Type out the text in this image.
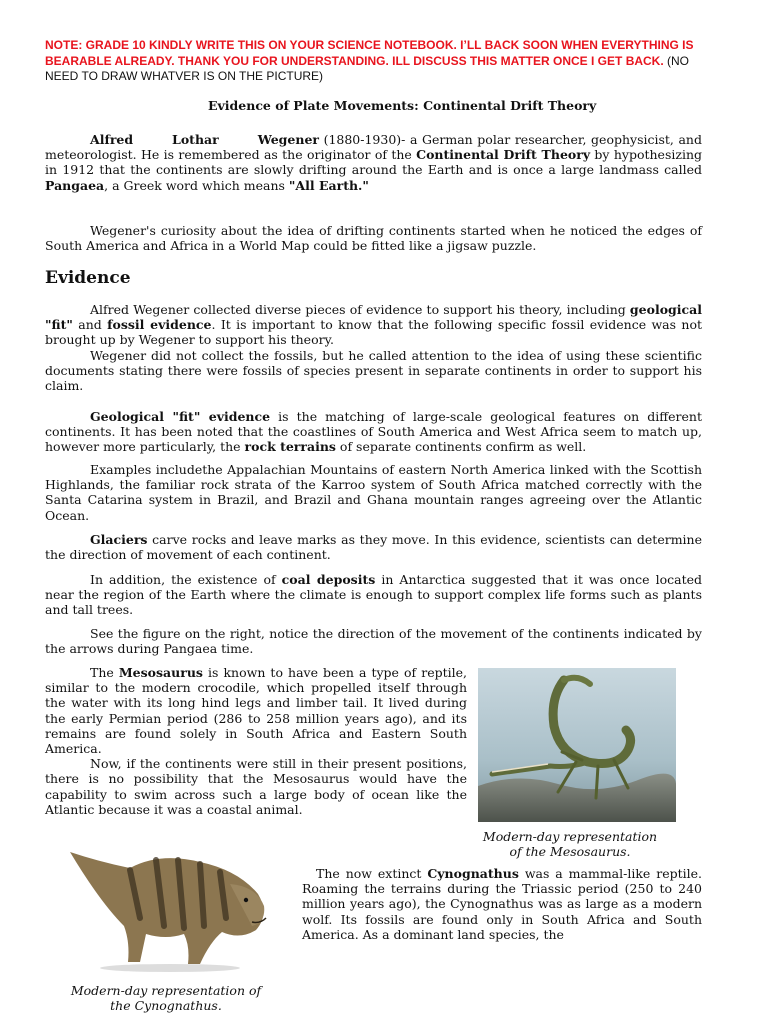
NOTE: GRADE 10 KINDLY WRITE THIS ON YOUR SCIENCE NOTEBOOK. I’LL BACK SOON WHEN EVERYTHING IS BEARABLE ALREADY. THANK YOU FOR UNDERSTANDING. ILL DISCUSS THIS MATTER ONCE I GET BACK. (NO NEED TO DRAW WHATVER IS ON THE PICTURE)
Evidence of Plate Movements: Continental Drift Theory
Alfred Lothar Wegener (1880-1930)- a German polar researcher, geophysicist, and meteorologist. He is remembered as the originator of the Continental Drift Theory by hypothesizing in 1912 that the continents are slowly drifting around the Earth and is once a large landmass called Pangaea, a Greek word which means "All Earth."
Wegener's curiosity about the idea of drifting continents started when he noticed the edges of South America and Africa in a World Map could be fitted like a jigsaw puzzle.
Evidence
Alfred Wegener collected diverse pieces of evidence to support his theory, including geological "fit" and fossil evidence. It is important to know that the following specific fossil evidence was not brought up by Wegener to support his theory.
Wegener did not collect the fossils, but he called attention to the idea of using these scientific documents stating there were fossils of species present in separate continents in order to support his claim.
Geological "fit" evidence is the matching of large-scale geological features on different continents. It has been noted that the coastlines of South America and West Africa seem to match up, however more particularly, the rock terrains of separate continents confirm as well.
Examples includethe Appalachian Mountains of eastern North America linked with the Scottish Highlands, the familiar rock strata of the Karroo system of South Africa matched correctly with the Santa Catarina system in Brazil, and Brazil and Ghana mountain ranges agreeing over the Atlantic Ocean.
Glaciers carve rocks and leave marks as they move. In this evidence, scientists can determine the direction of movement of each continent.
In addition, the existence of coal deposits in Antarctica suggested that it was once located near the region of the Earth where the climate is enough to support complex life forms such as plants and tall trees.
See the figure on the right, notice the direction of the movement of the continents indicated by the arrows during Pangaea time.
The Mesosaurus is known to have been a type of reptile, similar to the modern crocodile, which propelled itself through the water with its long hind legs and limber tail. It lived during the early Permian period (286 to 258 million years ago), and its remains are found solely in South Africa and Eastern South America.
Now, if the continents were still in their present positions, there is no possibility that the Mesosaurus would have the capability to swim across such a large body of ocean like the Atlantic because it was a coastal animal.
Modern-day representation
of the Mesosaurus.
Modern-day representation of
the Cynognathus.
The now extinct Cynognathus was a mammal-like reptile. Roaming the terrains during the Triassic period (250 to 240 million years ago), the Cynognathus was as large as a modern wolf. Its fossils are found only in South Africa and South America. As a dominant land species, the
